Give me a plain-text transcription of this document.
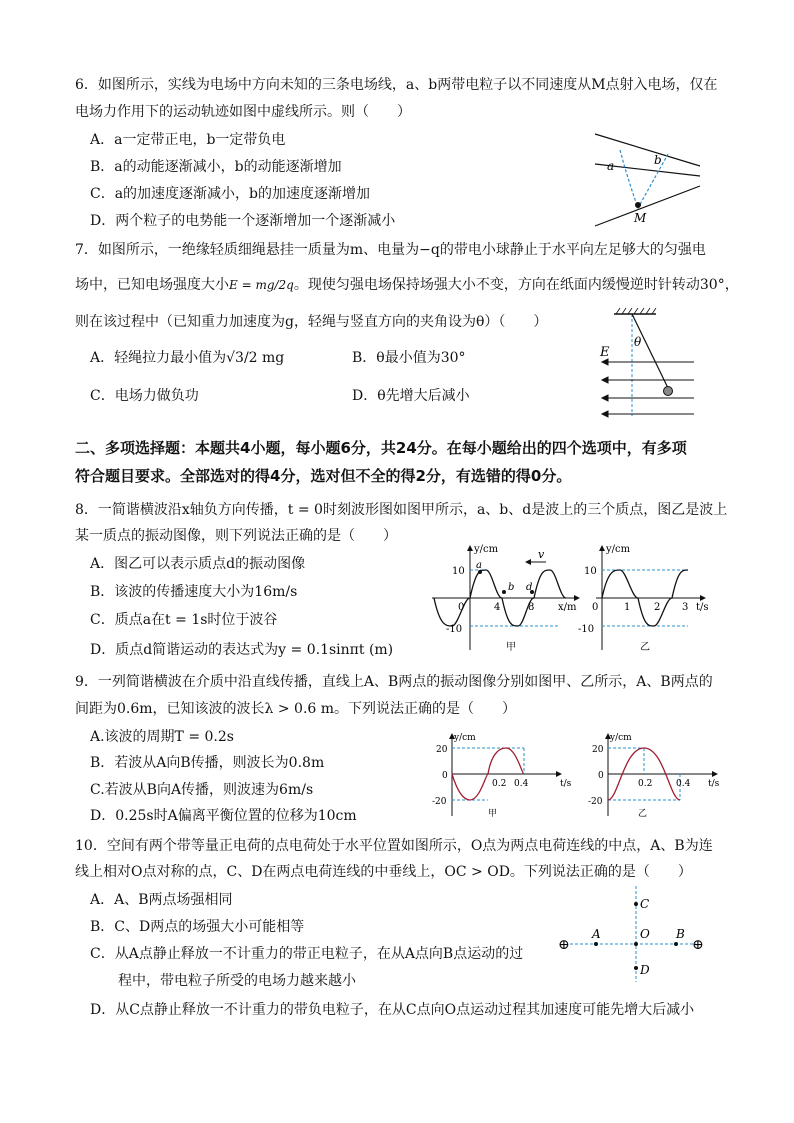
6．如图所示，实线为电场中方向未知的三条电场线，a、b两带电粒子以不同速度从M点射入电场，仅在
电场力作用下的运动轨迹如图中虚线所示。则（　　）
A．a一定带正电，b一定带负电
B．a的动能逐渐减小，b的动能逐渐增加
C．a的加速度逐渐减小，b的加速度逐渐增加
D．两个粒子的电势能一个逐渐增加一个逐渐减小
a	b
M
7．如图所示，一绝缘轻质细绳悬挂一质量为m、电量为−q的带电小球静止于水平向左足够大的匀强电
场中，已知电场强度大小E = mg/2q。现使匀强电场保持场强大小不变，方向在纸面内缓慢逆时针转动30°，
则在该过程中（已知重力加速度为g，轻绳与竖直方向的夹角设为θ）（　　）
A．轻绳拉力最小值为√3/2 mg	B．θ最小值为30°
C．电场力做负功	D．θ先增大后减小
E
θ
二、多项选择题：本题共4小题，每小题6分，共24分。在每小题给出的四个选项中，有多项
符合题目要求。全部选对的得4分，选对但不全的得2分，有选错的得0分。
8．一简谐横波沿x轴负方向传播，t = 0时刻波形图如图甲所示，a、b、d是波上的三个质点，图乙是波上
某一质点的振动图像，则下列说法正确的是（　　）
A．图乙可以表示质点d的振动图像
B．该波的传播速度大小为16m/s
C．质点a在t = 1s时位于波谷
D．质点d简谐运动的表达式为y = 0.1sinπt (m)
v
y/cm
x/m
10
-10
0	4	8
a
b d
甲
y/cm
t/s
10
-10
0	1 2 3
乙
9．一列简谐横波在介质中沿直线传播，直线上A、B两点的振动图像分别如图甲、乙所示，A、B两点的
间距为0.6m，已知该波的波长λ > 0.6 m。下列说法正确的是（　　）
A.该波的周期T = 0.2s
B．若波从A向B传播，则波长为0.8m
C.若波从B向A传播，则波速为6m/s
D．0.25s时A偏离平衡位置的位移为10cm
y/cm
t/s
20
0
-20
0.2 0.4
甲
y/cm
t/s
20
0
-20
0.2	0.4
乙
10．空间有两个带等量正电荷的点电荷处于水平位置如图所示，O点为两点电荷连线的中点，A、B为连
线上相对O点对称的点，C、D在两点电荷连线的中垂线上，OC > OD。下列说法正确的是（　　）
A．A、B两点场强相同
B．C、D两点的场强大小可能相等
C．从A点静止释放一不计重力的带正电粒子，在从A点向B点运动的过
　　程中，带电粒子所受的电场力越来越小
D．从C点静止释放一不计重力的带负电粒子，在从C点向O点运动过程其加速度可能先增大后减小
⊕	⊕
A	O B
C
D
